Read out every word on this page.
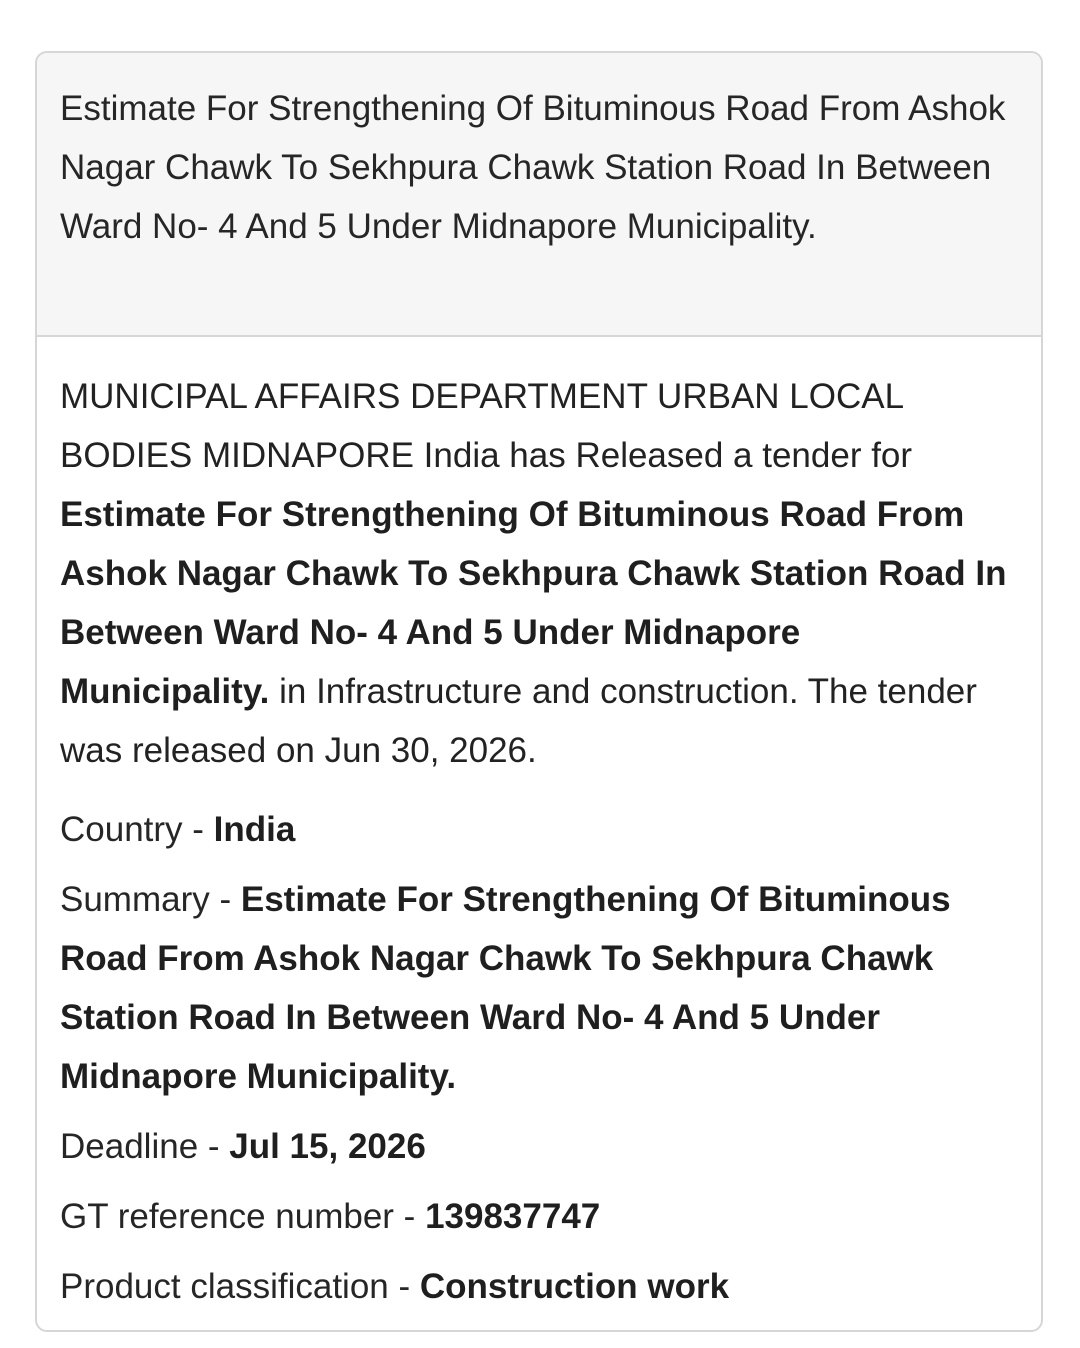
Estimate For Strengthening Of Bituminous Road From Ashok Nagar Chawk To Sekhpura Chawk Station Road In Between Ward No- 4 And 5 Under Midnapore Municipality.

MUNICIPAL AFFAIRS DEPARTMENT URBAN LOCAL BODIES MIDNAPORE India has Released a tender for Estimate For Strengthening Of Bituminous Road From Ashok Nagar Chawk To Sekhpura Chawk Station Road In Between Ward No- 4 And 5 Under Midnapore Municipality. in Infrastructure and construction. The tender was released on Jun 30, 2026.

Country - India

Summary - Estimate For Strengthening Of Bituminous Road From Ashok Nagar Chawk To Sekhpura Chawk Station Road In Between Ward No- 4 And 5 Under Midnapore Municipality.

Deadline - Jul 15, 2026

GT reference number - 139837747

Product classification - Construction work
